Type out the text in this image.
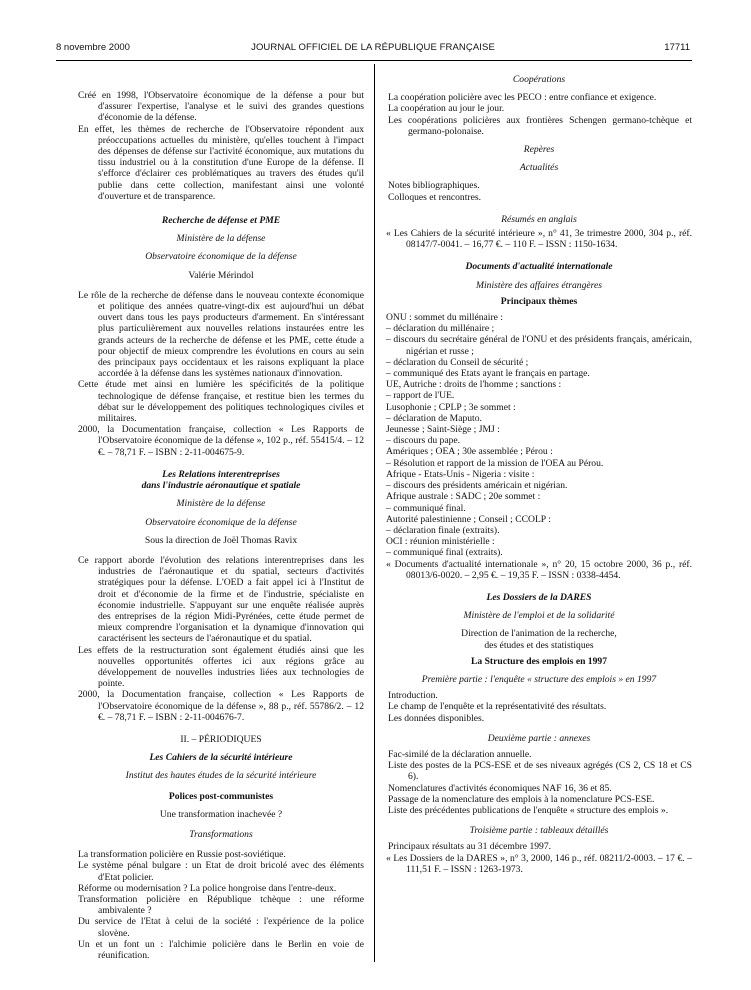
8 novembre 2000	JOURNAL OFFICIEL DE LA RÉPUBLIQUE FRANÇAISE	17711

Créé en 1998, l'Observatoire économique de la défense a pour but d'assurer l'expertise, l'analyse et le suivi des grandes questions d'économie de la défense.

En effet, les thèmes de recherche de l'Observatoire répondent aux préoccupations actuelles du ministère, qu'elles touchent à l'impact des dépenses de défense sur l'activité économique, aux mutations du tissu industriel ou à la constitution d'une Europe de la défense. Il s'efforce d'éclairer ces problématiques au travers des études qu'il publie dans cette collection, manifestant ainsi une volonté d'ouverture et de transparence.

Recherche de défense et PME

Ministère de la défense

Observatoire économique de la défense

Valérie Mérindol

Le rôle de la recherche de défense dans le nouveau contexte économique et politique des années quatre-vingt-dix est aujourd'hui un débat ouvert dans tous les pays producteurs d'armement. En s'intéressant plus particulièrement aux nouvelles relations instaurées entre les grands acteurs de la recherche de défense et les PME, cette étude a pour objectif de mieux comprendre les évolutions en cours au sein des principaux pays occidentaux et les raisons expliquant la place accordée à la défense dans les systèmes nationaux d'innovation.

Cette étude met ainsi en lumière les spécificités de la politique technologique de défense française, et restitue bien les termes du débat sur le développement des politiques technologiques civiles et militaires.

2000, la Documentation française, collection « Les Rapports de l'Observatoire économique de la défense », 102 p., réf. 55415/4. – 12 €. – 78,71 F. – ISBN : 2-11-004675-9.

Les Relations interentreprises

dans l'industrie aéronautique et spatiale

Ministère de la défense

Observatoire économique de la défense

Sous la direction de Joël Thomas Ravix

Ce rapport aborde l'évolution des relations interentreprises dans les industries de l'aéronautique et du spatial, secteurs d'activités stratégiques pour la défense. L'OED a fait appel ici à l'Institut de droit et d'économie de la firme et de l'industrie, spécialiste en économie industrielle. S'appuyant sur une enquête réalisée auprès des entreprises de la région Midi-Pyrénées, cette étude permet de mieux comprendre l'organisation et la dynamique d'innovation qui caractérisent les secteurs de l'aéronautique et du spatial.

Les effets de la restructuration sont également étudiés ainsi que les nouvelles opportunités offertes ici aux régions grâce au développement de nouvelles industries liées aux technologies de pointe.

2000, la Documentation française, collection « Les Rapports de l'Observatoire économique de la défense », 88 p., réf. 55786/2. – 12 €. – 78,71 F. – ISBN : 2-11-004676-7.

II. – PÉRIODIQUES

Les Cahiers de la sécurité intérieure

Institut des hautes études de la sécurité intérieure

Polices post-communistes

Une transformation inachevée ?

Transformations

La transformation policière en Russie post-soviétique.

Le système pénal bulgare : un Etat de droit bricolé avec des éléments d'Etat policier.

Réforme ou modernisation ? La police hongroise dans l'entre-deux.

Transformation policière en République tchèque : une réforme ambivalente ?

Du service de l'Etat à celui de la société : l'expérience de la police slovène.

Un et un font un : l'alchimie policière dans le Berlin en voie de réunification.

Coopérations

La coopération policière avec les PECO : entre confiance et exigence.

La coopération au jour le jour.

Les coopérations policières aux frontières Schengen germano-tchèque et germano-polonaise.

Repères

Actualités

Notes bibliographiques.

Colloques et rencontres.

Résumés en anglais

« Les Cahiers de la sécurité intérieure », n° 41, 3e trimestre 2000, 304 p., réf. 08147/7-0041. – 16,77 €. – 110 F. – ISSN : 1150-1634.

Documents d'actualité internationale

Ministère des affaires étrangères

Principaux thèmes

ONU : sommet du millénaire :

– déclaration du millénaire ;

– discours du secrétaire général de l'ONU et des présidents français, américain, nigérian et russe ;

– déclaration du Conseil de sécurité ;

– communiqué des Etats ayant le français en partage.

UE, Autriche : droits de l'homme ; sanctions :

– rapport de l'UE.

Lusophonie ; CPLP ; 3e sommet :

– déclaration de Maputo.

Jeunesse ; Saint-Siège ; JMJ :

– discours du pape.

Amériques ; OEA ; 30e assemblée ; Pérou :

– Résolution et rapport de la mission de l'OEA au Pérou.

Afrique - Etats-Unis - Nigeria : visite :

– discours des présidents américain et nigérian.

Afrique australe : SADC ; 20e sommet :

– communiqué final.

Autorité palestinienne ; Conseil ; CCOLP :

– déclaration finale (extraits).

OCI : réunion ministérielle :

– communiqué final (extraits).

« Documents d'actualité internationale », n° 20, 15 octobre 2000, 36 p., réf. 08013/6-0020. – 2,95 €. – 19,35 F. – ISSN : 0338-4454.

Les Dossiers de la DARES

Ministère de l'emploi et de la solidarité

Direction de l'animation de la recherche,

des études et des statistiques

La Structure des emplois en 1997

Première partie : l'enquête « structure des emplois » en 1997

Introduction.

Le champ de l'enquête et la représentativité des résultats.

Les données disponibles.

Deuxième partie : annexes

Fac-similé de la déclaration annuelle.

Liste des postes de la PCS-ESE et de ses niveaux agrégés (CS 2, CS 18 et CS 6).

Nomenclatures d'activités économiques NAF 16, 36 et 85.

Passage de la nomenclature des emplois à la nomenclature PCS-ESE.

Liste des précédentes publications de l'enquête « structure des emplois ».

Troisième partie : tableaux détaillés

Principaux résultats au 31 décembre 1997.

« Les Dossiers de la DARES », n° 3, 2000, 146 p., réf. 08211/2-0003. – 17 €. – 111,51 F. – ISSN : 1263-1973.
